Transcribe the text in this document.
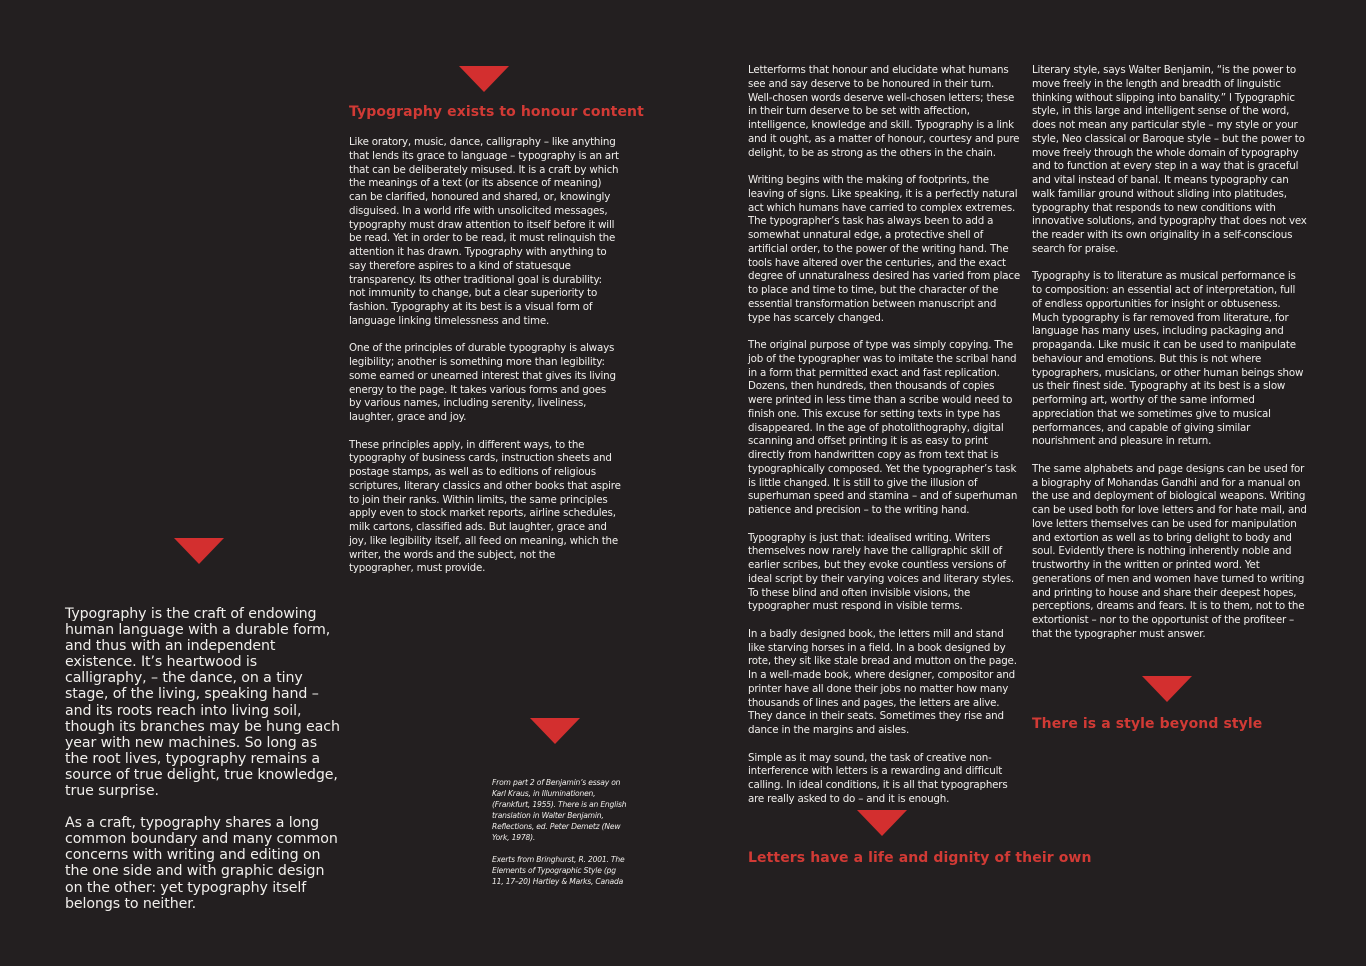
Typography exists to honour content
Letters have a life and dignity of their own
There is a style beyond style

Typography is the craft of endowing human language with a durable form, and thus with an independent existence. It’s heartwood is calligraphy, – the dance, on a tiny stage, of the living, speaking hand – and its roots reach into living soil, though its branches may be hung each year with new machines. So long as the root lives, typography remains a source of true delight, true knowledge, true surprise.

As a craft, typography shares a long common boundary and many common concerns with writing and editing on the one side and with graphic design on the other: yet typography itself belongs to neither.

Like oratory, music, dance, calligraphy – like anything that lends its grace to language – typography is an art that can be deliberately misused. It is a craft by which the meanings of a text (or its absence of meaning) can be clarified, honoured and shared, or, knowingly disguised. In a world rife with unsolicited messages, typography must draw attention to itself before it will be read. Yet in order to be read, it must relinquish the attention it has drawn. Typography with anything to say therefore aspires to a kind of statuesque transparency. Its other traditional goal is durability: not immunity to change, but a clear superiority to fashion. Typography at its best is a visual form of language linking timelessness and time.

One of the principles of durable typography is always legibility; another is something more than legibility: some earned or unearned interest that gives its living energy to the page. It takes various forms and goes by various names, including serenity, liveliness, laughter, grace and joy.

These principles apply, in different ways, to the typography of business cards, instruction sheets and postage stamps, as well as to editions of religious scriptures, literary classics and other books that aspire to join their ranks. Within limits, the same principles apply even to stock market reports, airline schedules, milk cartons, classified ads. But laughter, grace and joy, like legibility itself, all feed on meaning, which the writer, the words and the subject, not the typographer, must provide.

From part 2 of Benjamin’s essay on Karl Kraus, in Illuminationen, (Frankfurt, 1955). There is an English translation in Walter Benjamin, Reflections, ed. Peter Demetz (New York, 1978).

Exerts from Bringhurst, R. 2001. The Elements of Typographic Style (pg 11, 17–20) Hartley & Marks, Canada

Letterforms that honour and elucidate what humans see and say deserve to be honoured in their turn. Well-chosen words deserve well-chosen letters; these in their turn deserve to be set with affection, intelligence, knowledge and skill. Typography is a link and it ought, as a matter of honour, courtesy and pure delight, to be as strong as the others in the chain.

Writing begins with the making of footprints, the leaving of signs. Like speaking, it is a perfectly natural act which humans have carried to complex extremes. The typographer’s task has always been to add a somewhat unnatural edge, a protective shell of artificial order, to the power of the writing hand. The tools have altered over the centuries, and the exact degree of unnaturalness desired has varied from place to place and time to time, but the character of the essential transformation between manuscript and type has scarcely changed.

The original purpose of type was simply copying. The job of the typographer was to imitate the scribal hand in a form that permitted exact and fast replication. Dozens, then hundreds, then thousands of copies were printed in less time than a scribe would need to finish one. This excuse for setting texts in type has disappeared. In the age of photolithography, digital scanning and offset printing it is as easy to print directly from handwritten copy as from text that is typographically composed. Yet the typographer’s task is little changed. It is still to give the illusion of superhuman speed and stamina – and of superhuman patience and precision – to the writing hand.

Typography is just that: idealised writing. Writers themselves now rarely have the calligraphic skill of earlier scribes, but they evoke countless versions of ideal script by their varying voices and literary styles. To these blind and often invisible visions, the typographer must respond in visible terms.

In a badly designed book, the letters mill and stand like starving horses in a field. In a book designed by rote, they sit like stale bread and mutton on the page. In a well-made book, where designer, compositor and printer have all done their jobs no matter how many thousands of lines and pages, the letters are alive. They dance in their seats. Sometimes they rise and dance in the margins and aisles.

Simple as it may sound, the task of creative non-interference with letters is a rewarding and difficult calling. In ideal conditions, it is all that typographers are really asked to do – and it is enough.

Literary style, says Walter Benjamin, “is the power to move freely in the length and breadth of linguistic thinking without slipping into banality.” l Typographic style, in this large and intelligent sense of the word, does not mean any particular style – my style or your style, Neo classical or Baroque style – but the power to move freely through the whole domain of typography and to function at every step in a way that is graceful and vital instead of banal. It means typography can walk familiar ground without sliding into platitudes, typography that responds to new conditions with innovative solutions, and typography that does not vex the reader with its own originality in a self-conscious search for praise.

Typography is to literature as musical performance is to composition: an essential act of interpretation, full of endless opportunities for insight or obtuseness. Much typography is far removed from literature, for language has many uses, including packaging and propaganda. Like music it can be used to manipulate behaviour and emotions. But this is not where typographers, musicians, or other human beings show us their finest side. Typography at its best is a slow performing art, worthy of the same informed appreciation that we sometimes give to musical performances, and capable of giving similar nourishment and pleasure in return.

The same alphabets and page designs can be used for a biography of Mohandas Gandhi and for a manual on the use and deployment of biological weapons. Writing can be used both for love letters and for hate mail, and love letters themselves can be used for manipulation and extortion as well as to bring delight to body and soul. Evidently there is nothing inherently noble and trustworthy in the written or printed word. Yet generations of men and women have turned to writing and printing to house and share their deepest hopes, perceptions, dreams and fears. It is to them, not to the extortionist – nor to the opportunist of the profiteer – that the typographer must answer.
